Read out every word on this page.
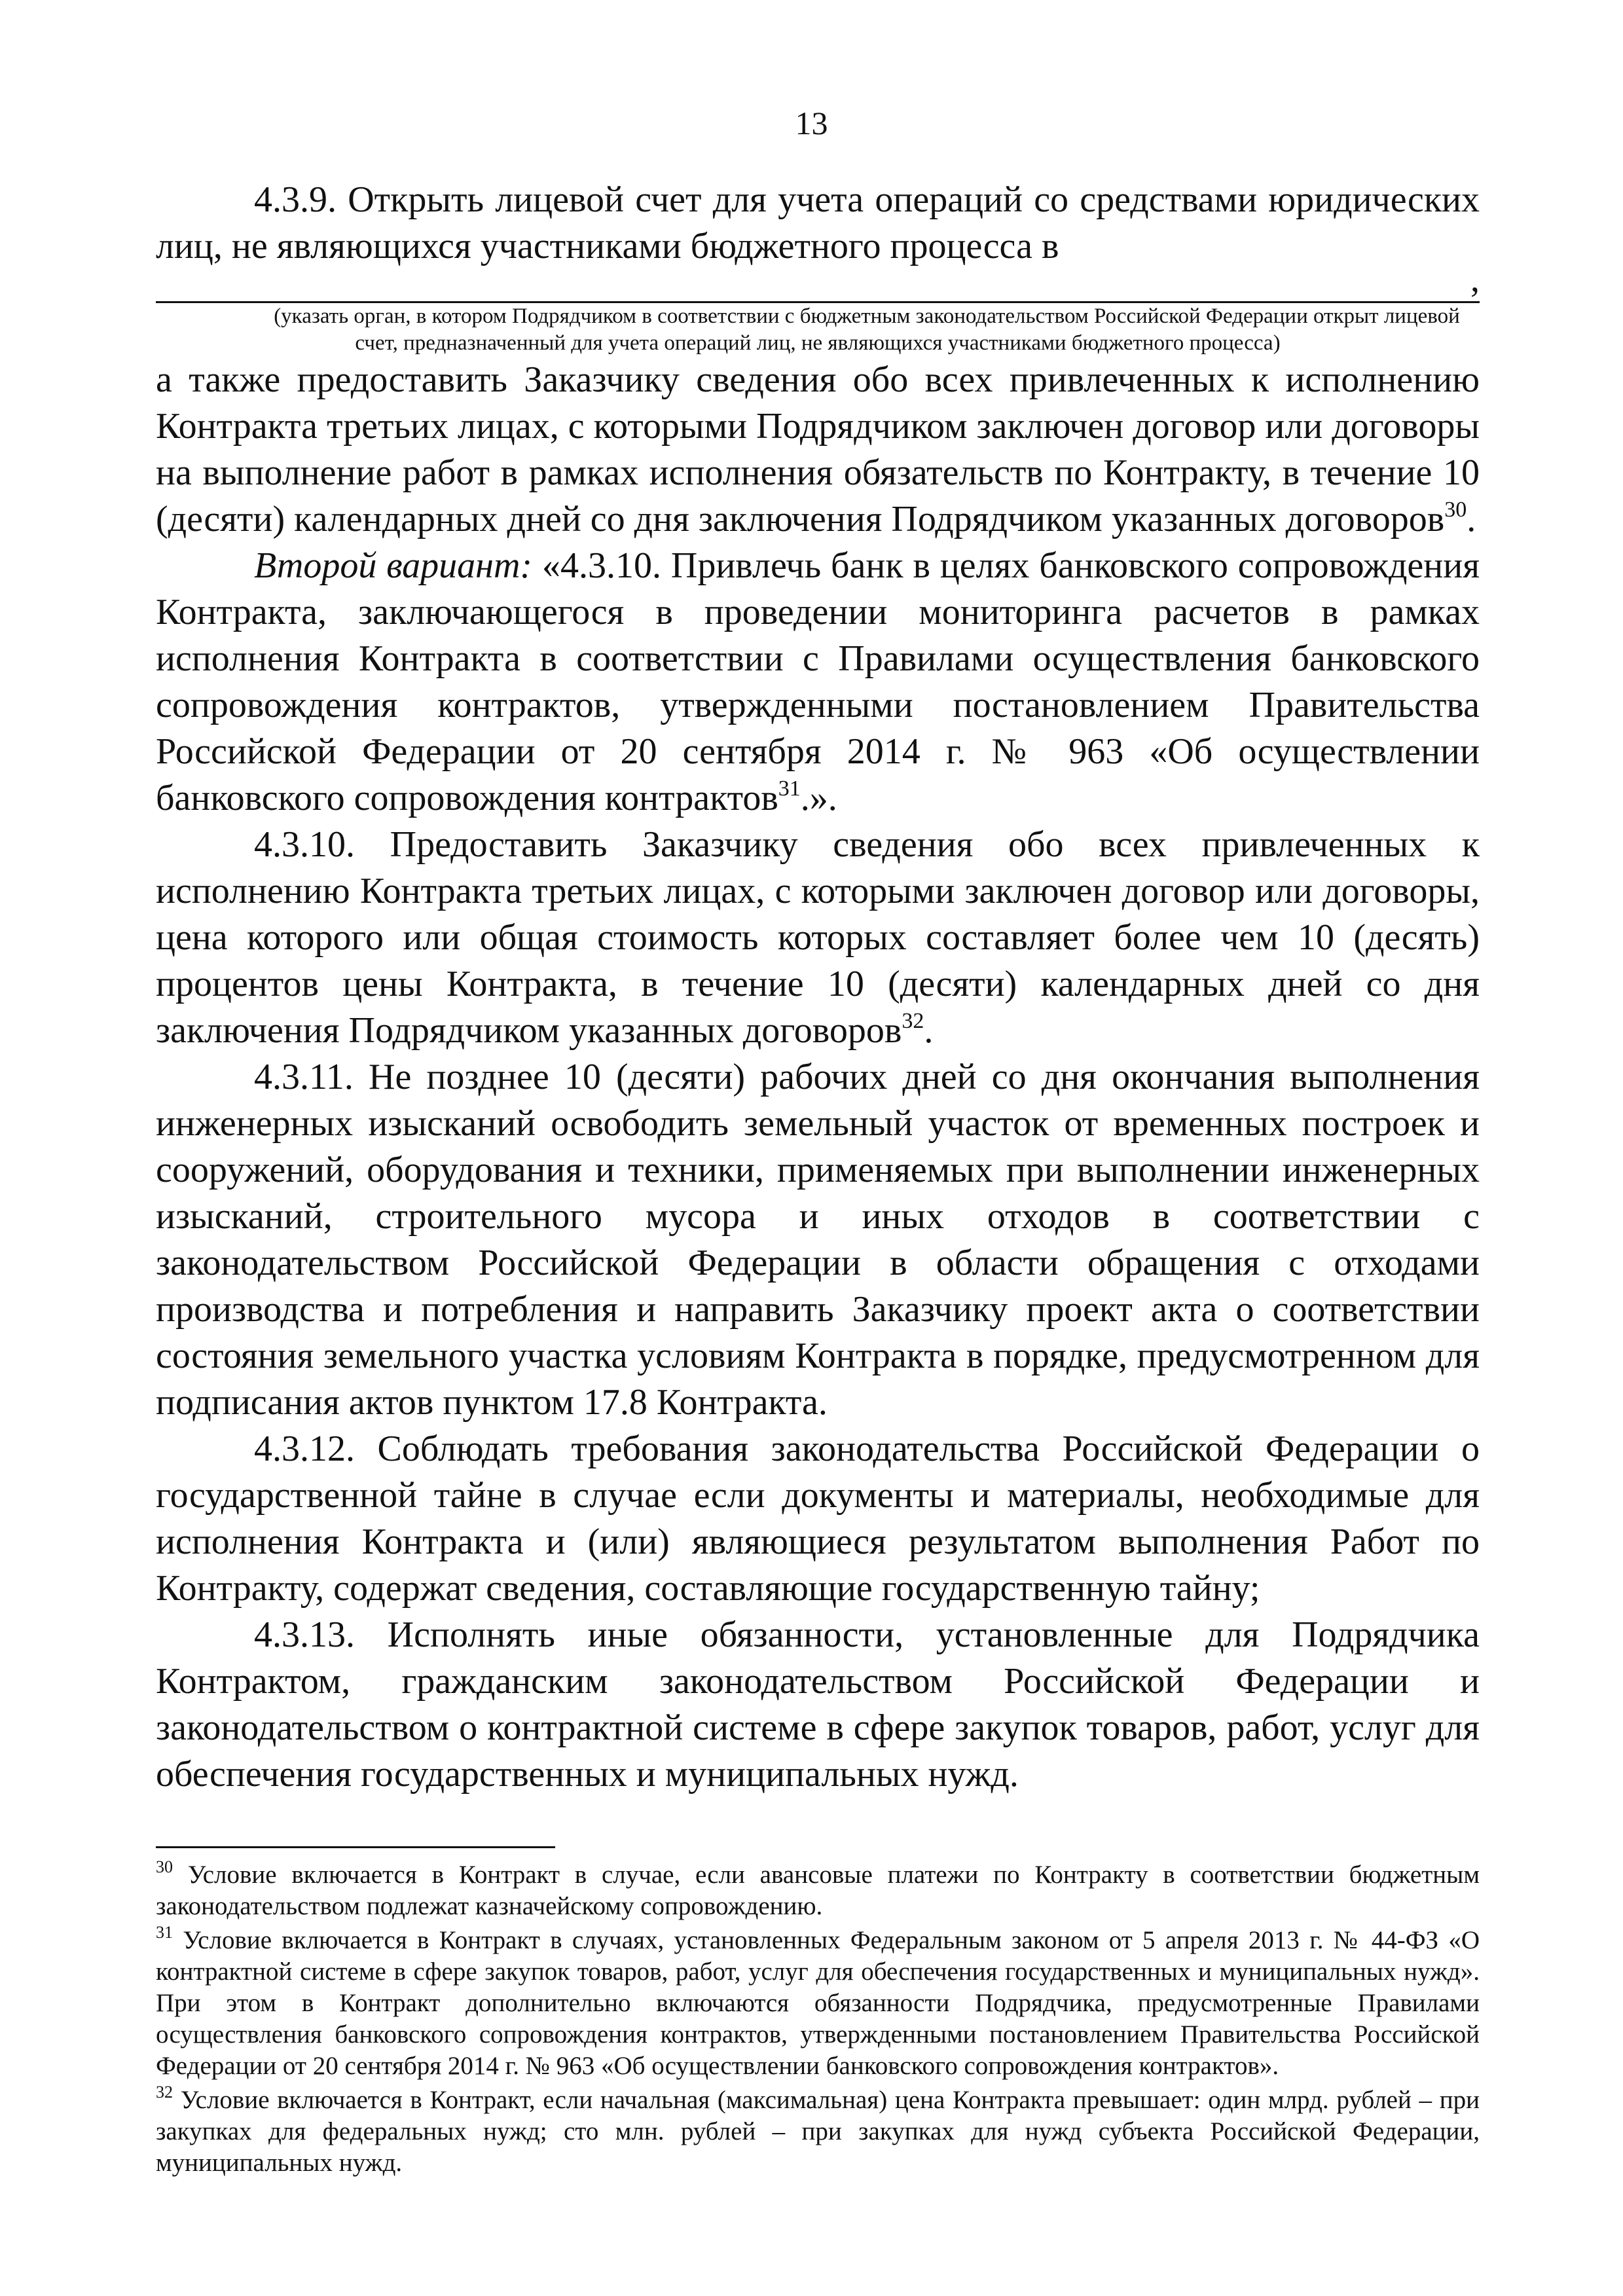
13

4.3.9. Открыть лицевой счет для учета операций со средствами юридических лиц, не являющихся участниками бюджетного процесса в

,

(указать орган, в котором Подрядчиком в соответствии с бюджетным законодательством Российской Федерации открыт лицевой счет, предназначенный для учета операций лиц, не являющихся участниками бюджетного процесса)

а также предоставить Заказчику сведения обо всех привлеченных к исполнению Контракта третьих лицах, с которыми Подрядчиком заключен договор или договоры на выполнение работ в рамках исполнения обязательств по Контракту, в течение 10 (десяти) календарных дней со дня заключения Подрядчиком указанных договоров$^{30}$.

Второй вариант: «4.3.10. Привлечь банк в целях банковского сопровождения Контракта, заключающегося в проведении мониторинга расчетов в рамках исполнения Контракта в соответствии с Правилами осуществления банковского сопровождения контрактов, утвержденными постановлением Правительства Российской Федерации от 20 сентября 2014 г. № 963 «Об осуществлении банковского сопровождения контрактов$^{31}$.».

4.3.10. Предоставить Заказчику сведения обо всех привлеченных к исполнению Контракта третьих лицах, с которыми заключен договор или договоры, цена которого или общая стоимость которых составляет более чем 10 (десять) процентов цены Контракта, в течение 10 (десяти) календарных дней со дня заключения Подрядчиком указанных договоров$^{32}$.

4.3.11. Не позднее 10 (десяти) рабочих дней со дня окончания выполнения инженерных изысканий освободить земельный участок от временных построек и сооружений, оборудования и техники, применяемых при выполнении инженерных изысканий, строительного мусора и иных отходов в соответствии с законодательством Российской Федерации в области обращения с отходами производства и потребления и направить Заказчику проект акта о соответствии состояния земельного участка условиям Контракта в порядке, предусмотренном для подписания актов пунктом 17.8 Контракта.

4.3.12. Соблюдать требования законодательства Российской Федерации о государственной тайне в случае если документы и материалы, необходимые для исполнения Контракта и (или) являющиеся результатом выполнения Работ по Контракту, содержат сведения, составляющие государственную тайну;

4.3.13. Исполнять иные обязанности, установленные для Подрядчика Контрактом, гражданским законодательством Российской Федерации и законодательством о контрактной системе в сфере закупок товаров, работ, услуг для обеспечения государственных и муниципальных нужд.

$^{30}$ Условие включается в Контракт в случае, если авансовые платежи по Контракту в соответствии бюджетным законодательством подлежат казначейскому сопровождению.

$^{31}$ Условие включается в Контракт в случаях, установленных Федеральным законом от 5 апреля 2013 г. № 44-ФЗ «О контрактной системе в сфере закупок товаров, работ, услуг для обеспечения государственных и муниципальных нужд». При этом в Контракт дополнительно включаются обязанности Подрядчика, предусмотренные Правилами осуществления банковского сопровождения контрактов, утвержденными постановлением Правительства Российской Федерации от 20 сентября 2014 г. № 963 «Об осуществлении банковского сопровождения контрактов».

$^{32}$ Условие включается в Контракт, если начальная (максимальная) цена Контракта превышает: один млрд. рублей – при закупках для федеральных нужд; сто млн. рублей – при закупках для нужд субъекта Российской Федерации, муниципальных нужд.
